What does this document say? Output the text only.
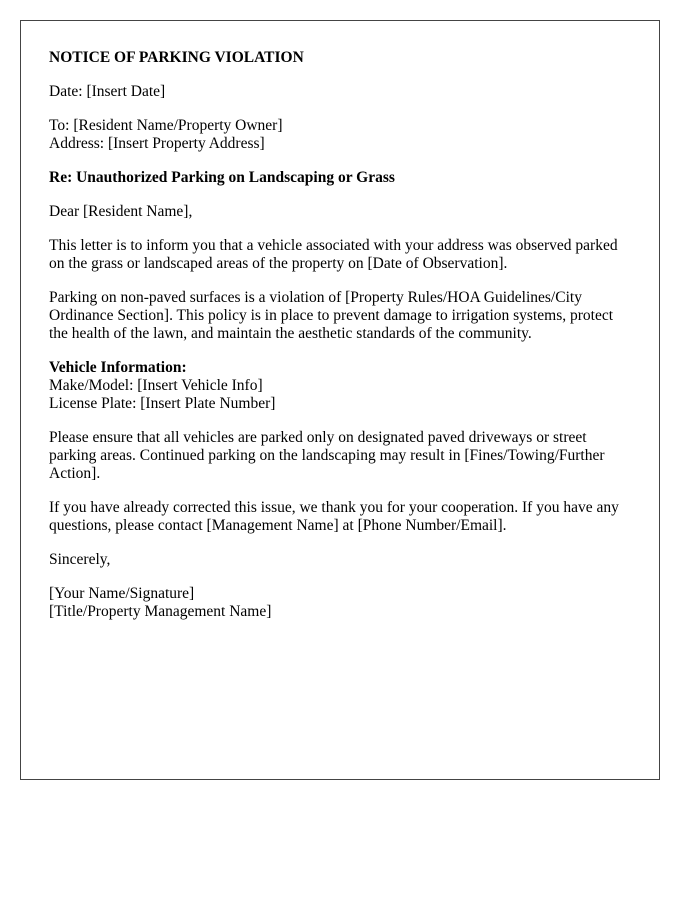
NOTICE OF PARKING VIOLATION

Date: [Insert Date]

To: [Resident Name/Property Owner]
Address: [Insert Property Address]

Re: Unauthorized Parking on Landscaping or Grass

Dear [Resident Name],

This letter is to inform you that a vehicle associated with your address was observed parked on the grass or landscaped areas of the property on [Date of Observation].

Parking on non-paved surfaces is a violation of [Property Rules/HOA Guidelines/City Ordinance Section]. This policy is in place to prevent damage to irrigation systems, protect the health of the lawn, and maintain the aesthetic standards of the community.

Vehicle Information:
Make/Model: [Insert Vehicle Info]
License Plate: [Insert Plate Number]

Please ensure that all vehicles are parked only on designated paved driveways or street parking areas. Continued parking on the landscaping may result in [Fines/Towing/Further Action].

If you have already corrected this issue, we thank you for your cooperation. If you have any questions, please contact [Management Name] at [Phone Number/Email].

Sincerely,

[Your Name/Signature]
[Title/Property Management Name]
